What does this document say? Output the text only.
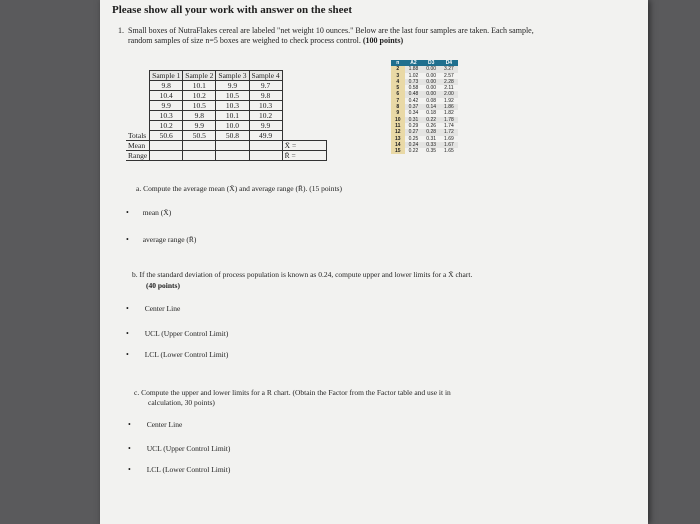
Please show all your work with answer on the sheet
1. Small boxes of NutraFlakes cereal are labeled "net weight 10 ounces." Below are the last four samples are taken. Each sample, random samples of size n=5 boxes are weighed to check process control. (100 points)
	Sample 1	Sample 2	Sample 3	Sample 4	
	9.8	10.1	9.9	9.7	
	10.4	10.2	10.5	9.8	
	9.9	10.5	10.3	10.3	
	10.3	9.8	10.1	10.2	
	10.2	9.9	10.0	9.9	
Totals	50.6	50.5	50.8	49.9	
Mean					X̄ =
Range					R̄ =
n	A2	D3	D4
2	1.88	0.00	3.27
3	1.02	0.00	2.57
4	0.73	0.00	2.28
5	0.58	0.00	2.11
6	0.48	0.00	2.00
7	0.42	0.08	1.92
8	0.37	0.14	1.86
9	0.34	0.18	1.82
10	0.31	0.22	1.78
11	0.29	0.26	1.74
12	0.27	0.28	1.72
13	0.25	0.31	1.69
14	0.24	0.33	1.67
15	0.22	0.35	1.65
a. Compute the average mean (X̄) and average range (R̄). (15 points)
• mean (X̄)
• average range (R̄)
b. If the standard deviation of process population is known as 0.24, compute upper and lower limits for a X̄ chart.
(40 points)
• Center Line
• UCL (Upper Control Limit)
• LCL (Lower Control Limit)
c. Compute the upper and lower limits for a R chart. (Obtain the Factor from the Factor table and use it in
calculation, 30 points)
• Center Line
• UCL (Upper Control Limit)
• LCL (Lower Control Limit)
